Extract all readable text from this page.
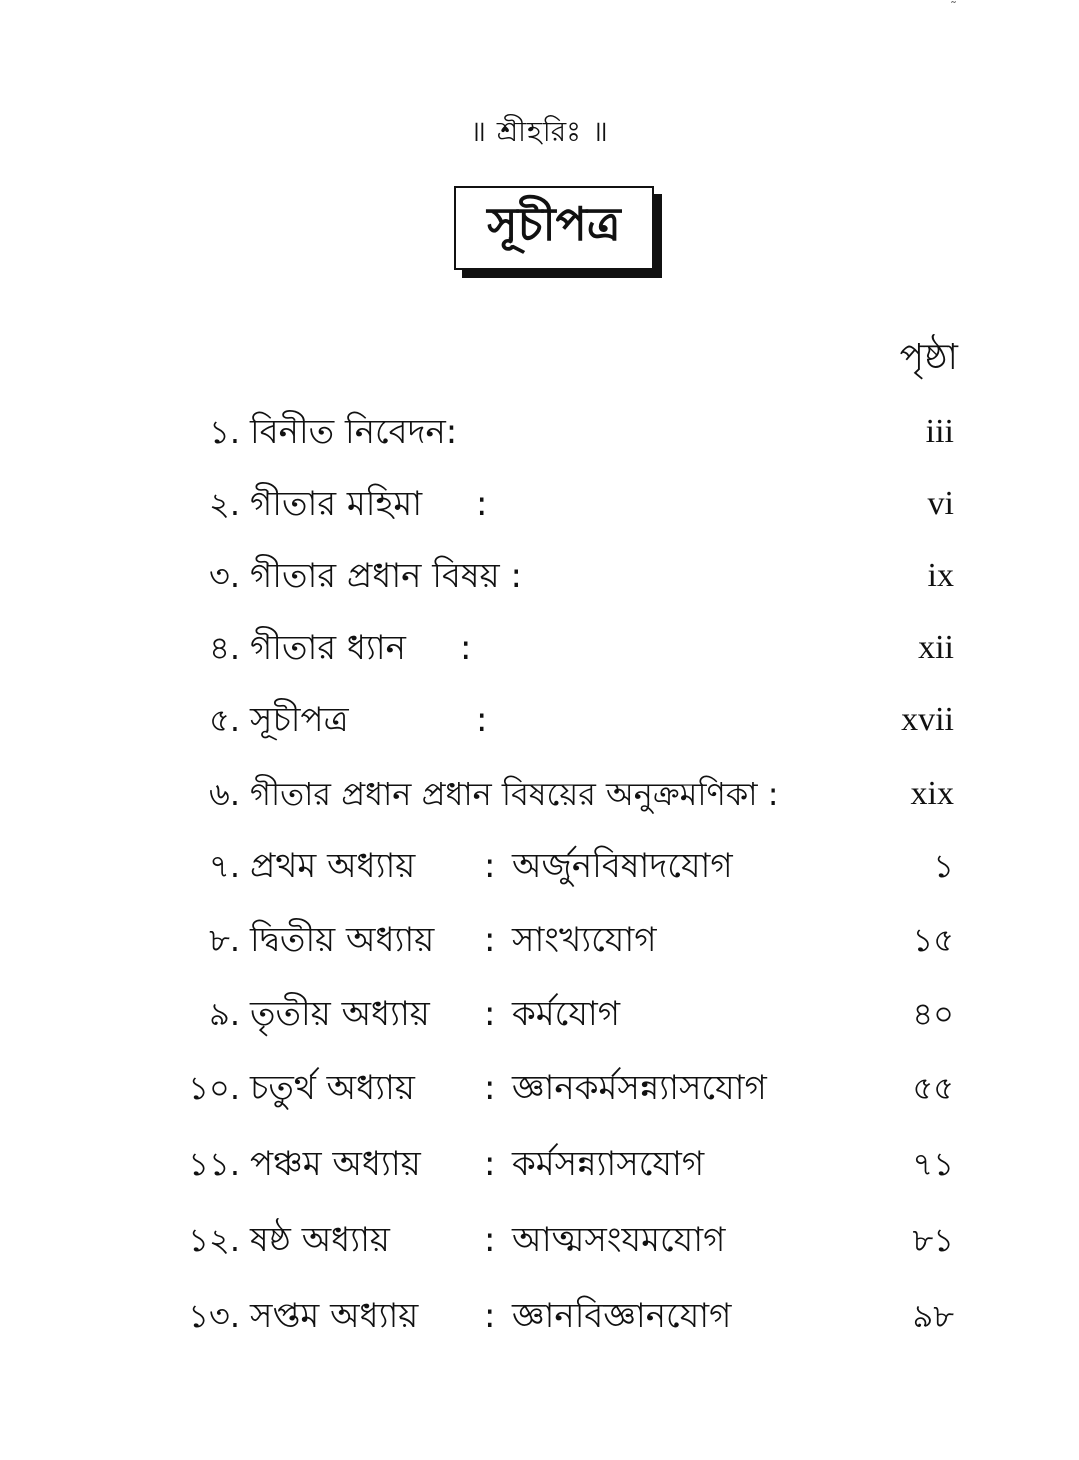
˜
॥ শ্রীহরিঃ ॥
সূচীপত্র
পৃষ্ঠা
১. বিনীত নিবেদন:	iii
২. গীতার মহিমা :	vi
৩. গীতার প্রধান বিষয় :	ix
৪. গীতার ধ্যান :	xii
৫. সূচীপত্র	:	xvii
৬. গীতার প্রধান প্রধান বিষয়ের অনুক্রমণিকা :	xix
৭. প্রথম অধ্যায় : অর্জুনবিষাদযোগ	১
৮. দ্বিতীয় অধ্যায় : সাংখ্যযোগ	১৫
৯. তৃতীয় অধ্যায় : কর্মযোগ	৪০
১০. চতুর্থ অধ্যায় : জ্ঞানকর্মসন্ন্যাসযোগ	৫৫
১১. পঞ্চম অধ্যায় : কর্মসন্ন্যাসযোগ	৭১
১২. ষষ্ঠ অধ্যায়	: আত্মসংযমযোগ	৮১
১৩. সপ্তম অধ্যায় : জ্ঞানবিজ্ঞানযোগ	৯৮
